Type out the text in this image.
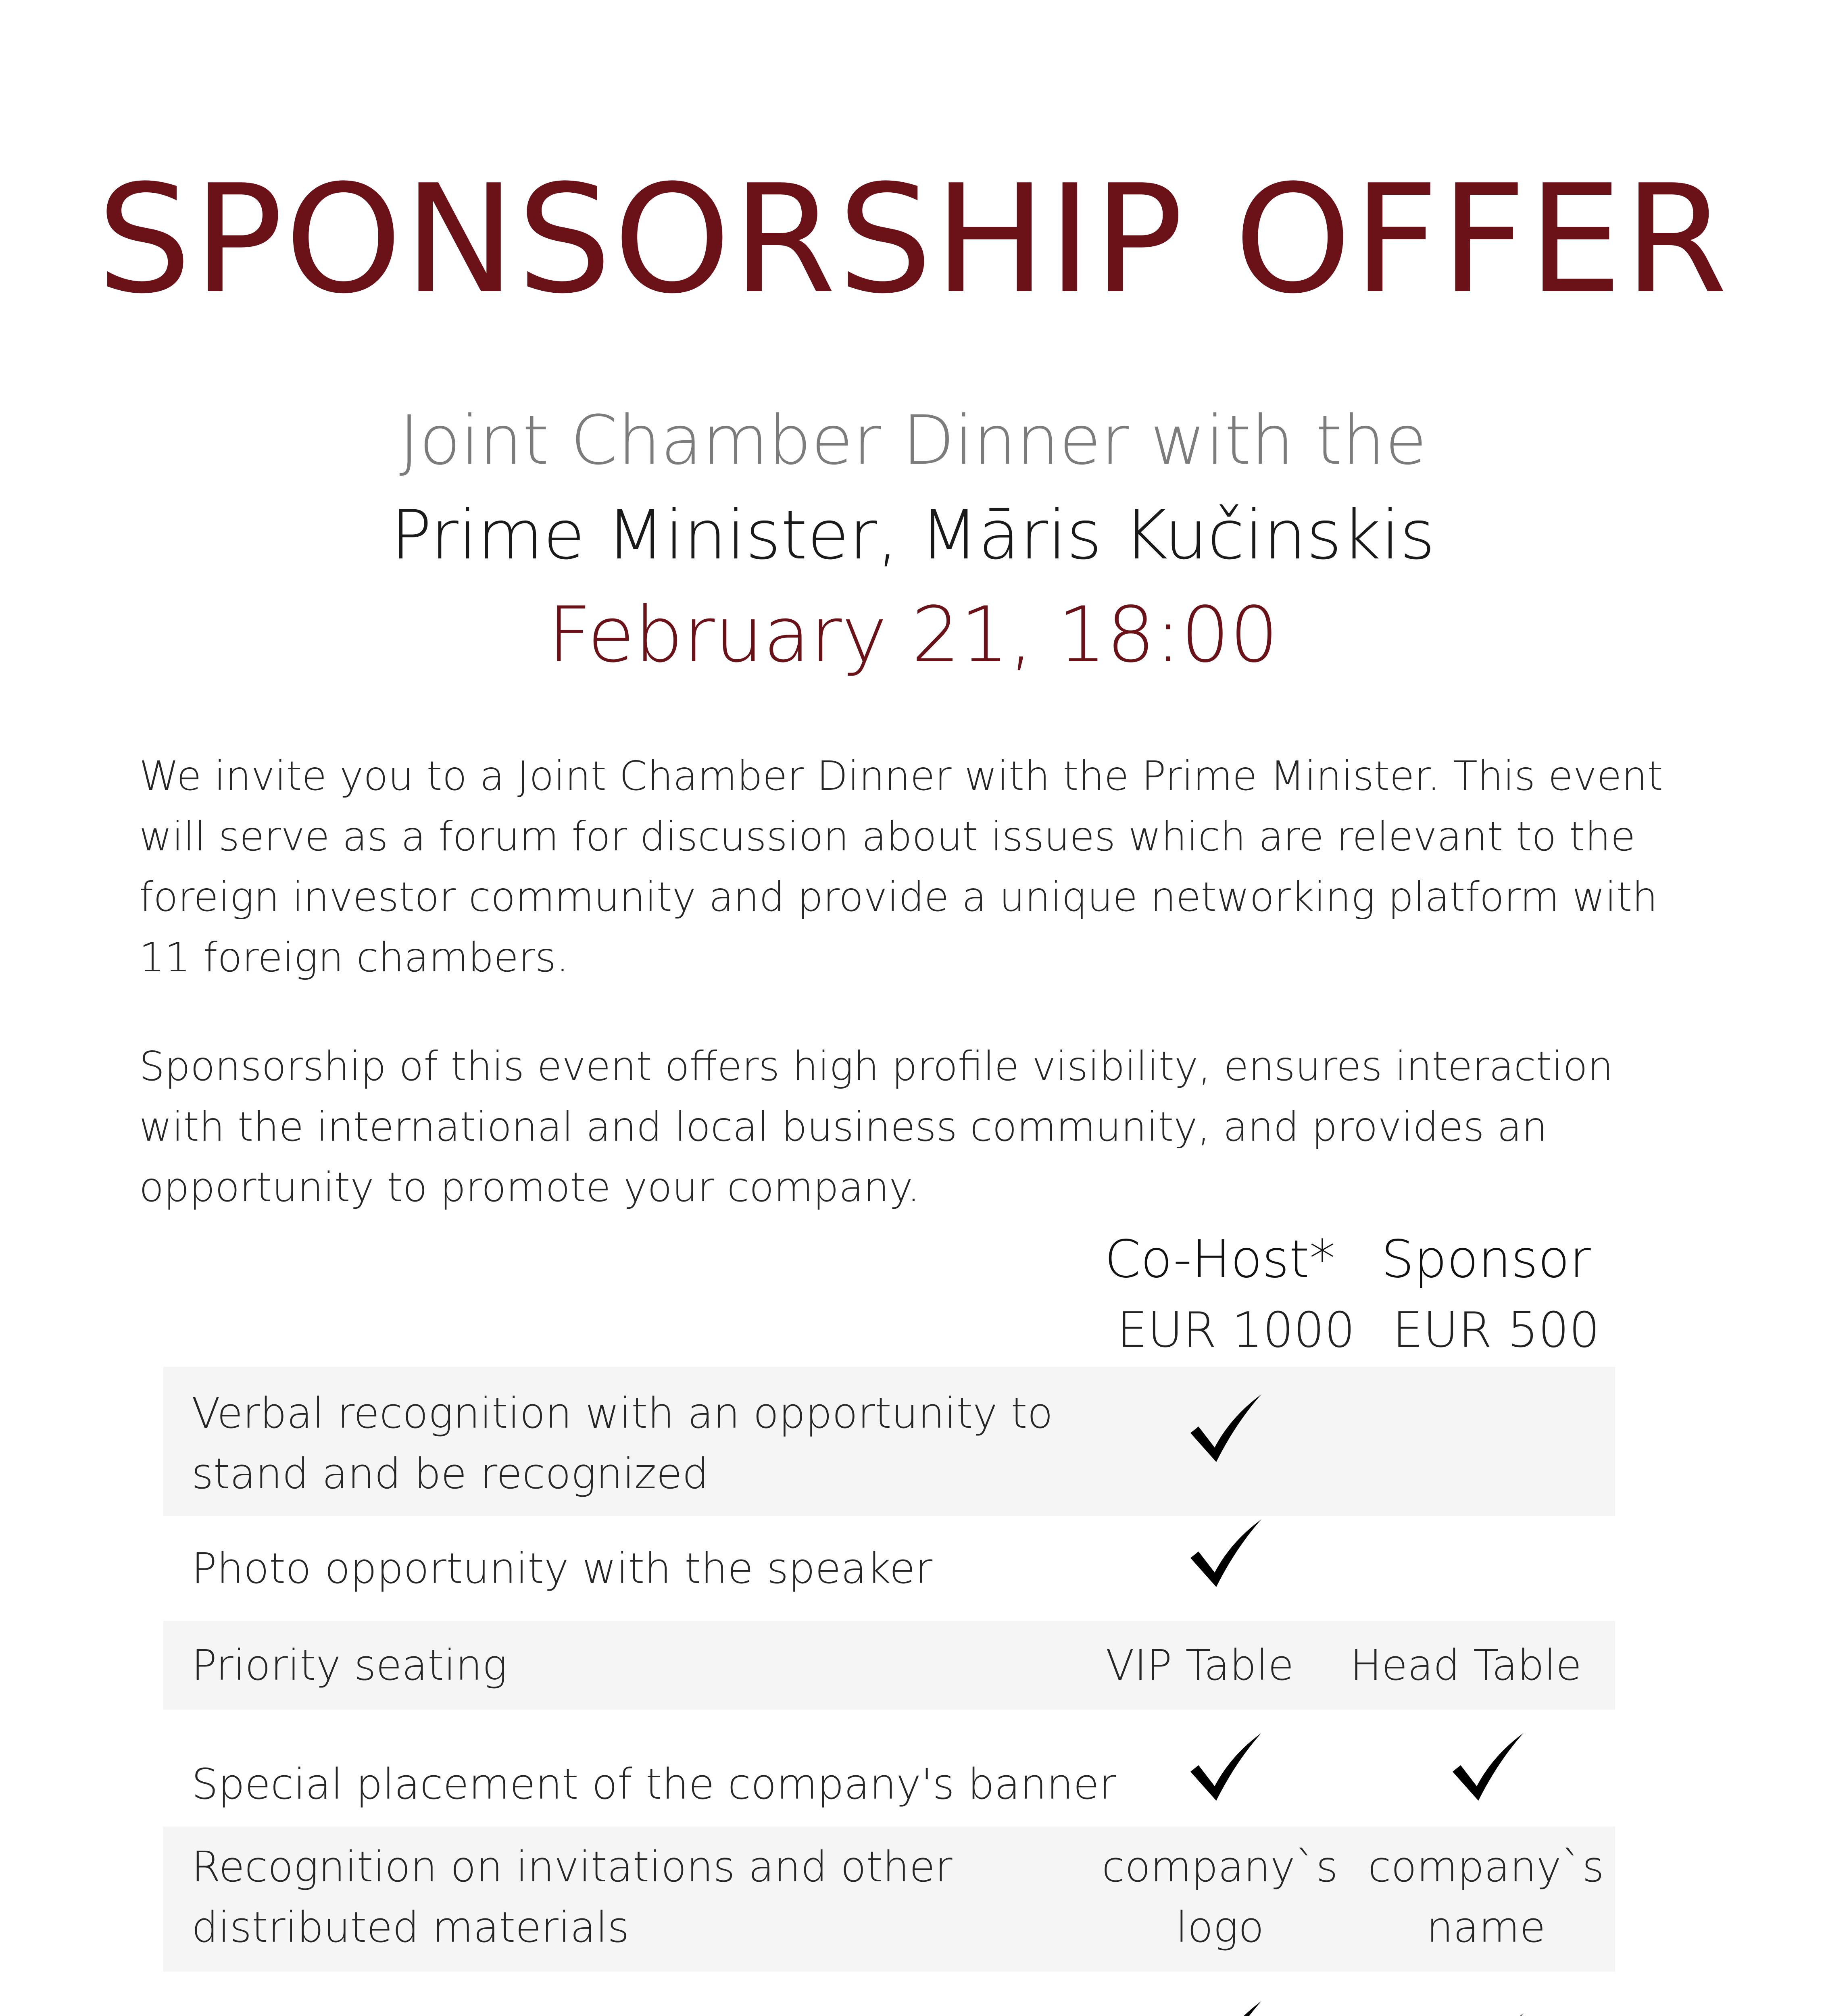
SPONSORSHIP OFFER
Joint Chamber Dinner with the
Prime Minister, Māris Kučinskis
February 21, 18:00
We invite you to a Joint Chamber Dinner with the Prime Minister. This event will serve as a forum for discussion about issues which are relevant to the foreign investor community and provide a unique networking platform with 11 foreign chambers.
Sponsorship of this event offers high profile visibility, ensures interaction with the international and local business community, and provides an opportunity to promote your company.
Co-Host*
EUR 1000
Sponsor
EUR 500
Verbal recognition with an opportunity to
stand and be recognized
Photo opportunity with the speaker
Priority seating	VIP Table	Head Table
Special placement of the company's banner
Recognition on invitations and other
distributed materials
company`s
logo
company`s
name
